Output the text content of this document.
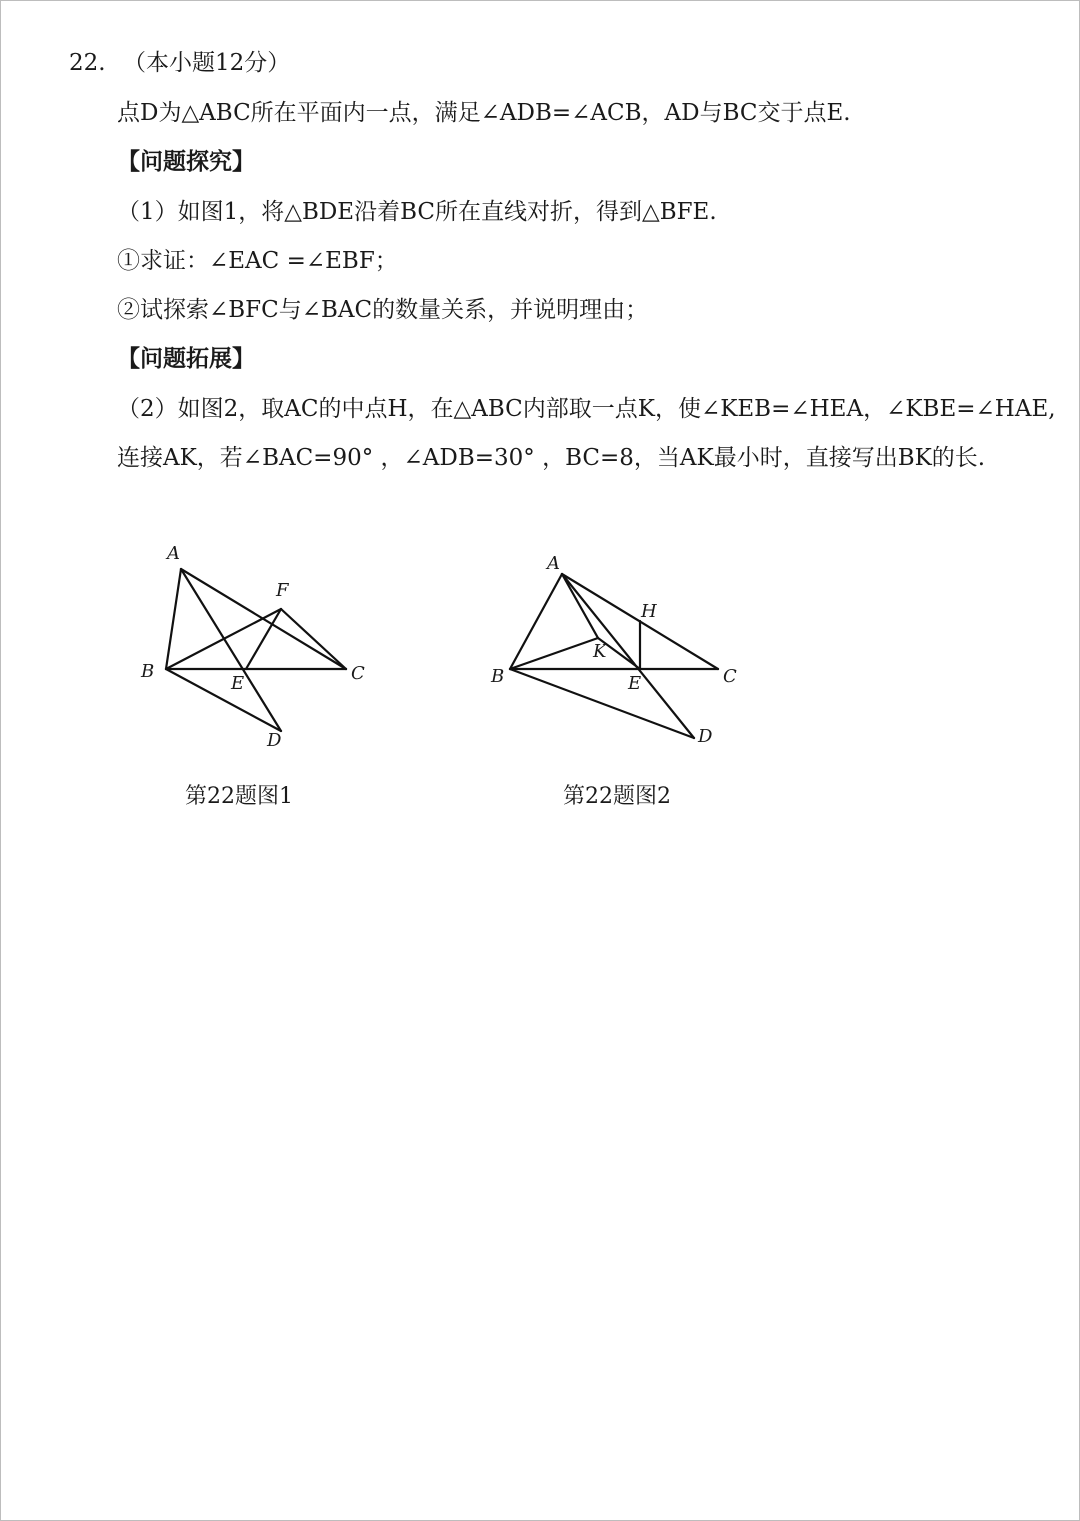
22. （本小题12分）
点D为△ABC所在平面内一点，满足∠ADB=∠ACB，AD与BC交于点E.
【问题探究】
（1）如图1，将△BDE沿着BC所在直线对折，得到△BFE.
①求证：∠EAC =∠EBF；
②试探索∠BFC与∠BAC的数量关系，并说明理由；
【问题拓展】
（2）如图2，取AC的中点H，在△ABC内部取一点K，使∠KEB=∠HEA，∠KBE=∠HAE,
连接AK，若∠BAC=90° ，∠ADB=30° ，BC=8，当AK最小时，直接写出BK的长.
A
B	C
D
E
F
A
B	C
D
E
H
K
第22题图1	第22题图2
